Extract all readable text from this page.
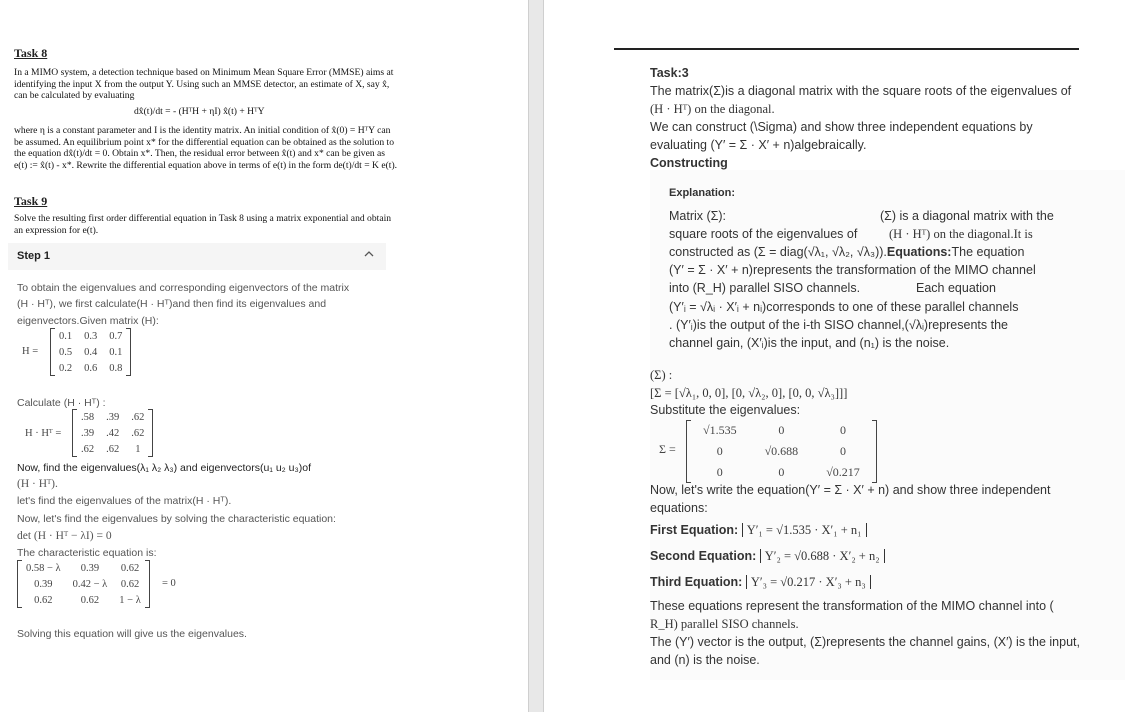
Task 8
In a MIMO system, a detection technique based on Minimum Mean Square Error (MMSE) aims at identifying the input X from the output Y. Using such an MMSE detector, an estimate of X, say x̂, can be calculated by evaluating
dx̂(t)/dt = - (HᵀH + ηI) x̂(t) + HᵀY
where η is a constant parameter and I is the identity matrix. An initial condition of x̂(0) = HᵀY can be assumed. An equilibrium point x* for the differential equation can be obtained as the solution to the equation dx̂(t)/dt = 0. Obtain x*. Then, the residual error between x̂(t) and x* can be given as e(t) := x̂(t) - x*. Rewrite the differential equation above in terms of e(t) in the form de(t)/dt = K e(t).
Task 9
Solve the resulting first order differential equation in Task 8 using a matrix exponential and obtain an expression for e(t).
Step 1
To obtain the eigenvalues and corresponding eigenvectors of the matrix
(H · Hᵀ), we first calculate(H · Hᵀ)and then find its eigenvalues and
eigenvectors.Given matrix (H):
H =
0.1	0.3	0.7
0.5	0.4	0.1
0.2	0.6	0.8
Calculate (H · Hᵀ) :
H · Hᵀ =
.58	.39	.62
.39	.42	.62
.62	.62	1
Now, find the eigenvalues(λ₁ λ₂ λ₃) and eigenvectors(u₁ u₂ u₃)of
(H · Hᵀ).
let's find the eigenvalues of the matrix(H · Hᵀ).
Now, let's find the eigenvalues by solving the characteristic equation:
det (H · Hᵀ − λI) = 0
The characteristic equation is:
0.58 − λ	0.39	0.62
0.39	0.42 − λ	0.62
0.62	0.62	1 − λ
= 0
Solving this equation will give us the eigenvalues.
Task:3
The matrix(Σ)is a diagonal matrix with the square roots of the eigenvalues of
(H · Hᵀ) on the diagonal.
We can construct (\Sigma) and show three independent equations by
evaluating (Y′ = Σ · X′ + n)algebraically.
Constructing
Explanation:
Matrix (Σ):	(Σ) is a diagonal matrix with the
square roots of the eigenvalues of	(H · Hᵀ) on the diagonal.It is
constructed as (Σ = diag(√λ₁, √λ₂, √λ₃)).Equations:The equation
(Y′ = Σ · X′ + n)represents the transformation of the MIMO channel
into (R_H) parallel SISO channels.	Each equation
(Y′ᵢ = √λᵢ · X′ᵢ + nᵢ)corresponds to one of these parallel channels
. (Y′ᵢ)is the output of the i-th SISO channel,(√λᵢ)represents the
channel gain, (X′ᵢ)is the input, and (n₁) is the noise.
(Σ) :
[Σ = [√λ₁, 0, 0], [0, √λ₂, 0], [0, 0, √λ₃]]]
Substitute the eigenvalues:
Σ =
√1.535	0	0
0	√0.688	0
0	0	√0.217
Now, let's write the equation(Y′ = Σ · X′ + n) and show three independent
equations:
First Equation: Y′₁ = √1.535 · X′₁ + n₁
Second Equation: Y′₂ = √0.688 · X′₂ + n₂
Third Equation: Y′₃ = √0.217 · X′₃ + n₃
These equations represent the transformation of the MIMO channel into (
R_H) parallel SISO channels.
The (Y′) vector is the output, (Σ)represents the channel gains, (X′) is the input,
and (n) is the noise.
